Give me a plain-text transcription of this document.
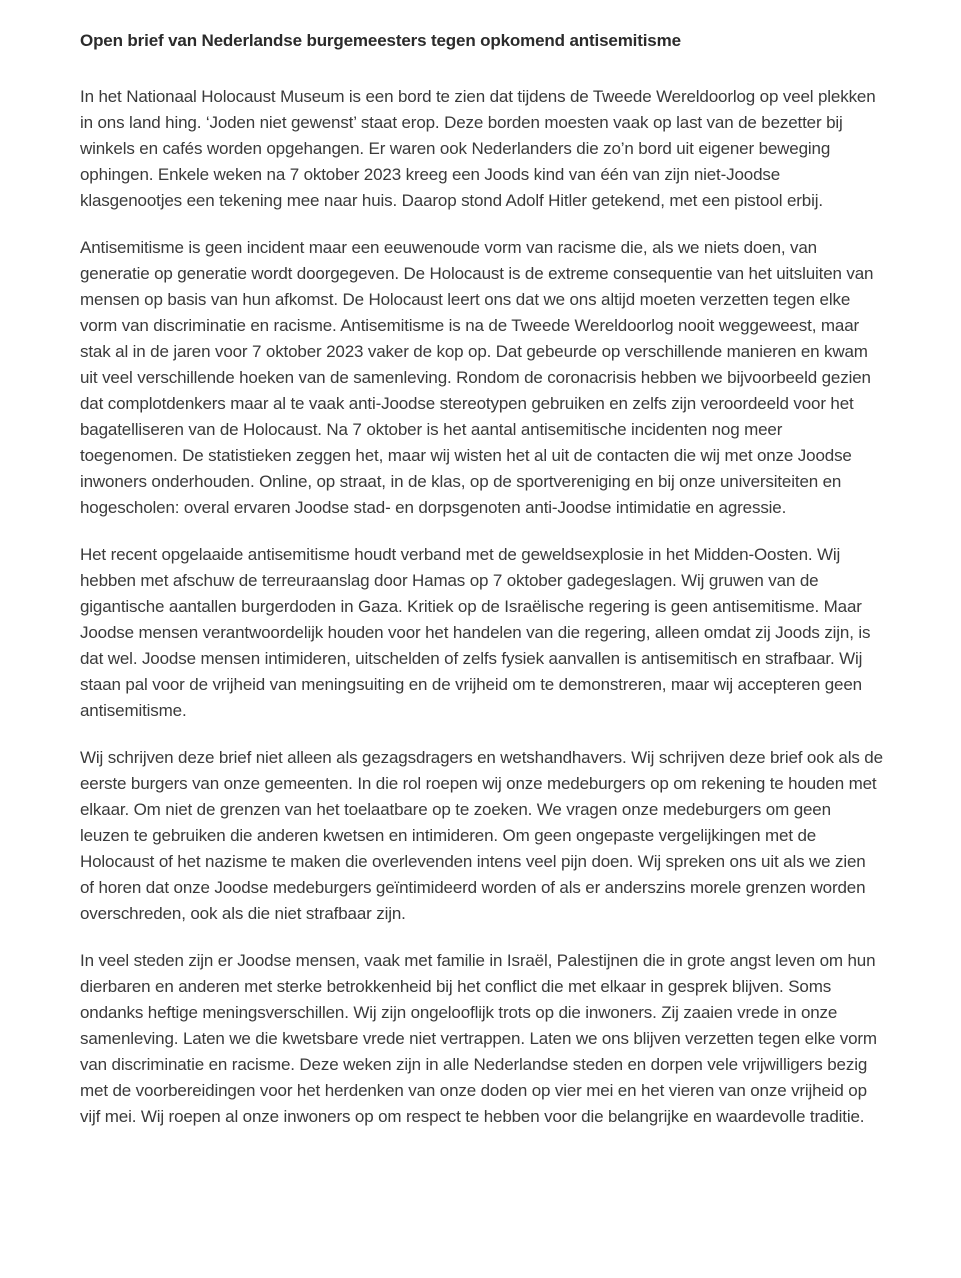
Open brief van Nederlandse burgemeesters tegen opkomend antisemitisme

In het Nationaal Holocaust Museum is een bord te zien dat tijdens de Tweede Wereldoorlog op veel plekken in ons land hing. ‘Joden niet gewenst’ staat erop. Deze borden moesten vaak op last van de bezetter bij winkels en cafés worden opgehangen. Er waren ook Nederlanders die zo’n bord uit eigener beweging ophingen. Enkele weken na 7 oktober 2023 kreeg een Joods kind van één van zijn niet-Joodse klasgenootjes een tekening mee naar huis. Daarop stond Adolf Hitler getekend, met een pistool erbij.

Antisemitisme is geen incident maar een eeuwenoude vorm van racisme die, als we niets doen, van generatie op generatie wordt doorgegeven. De Holocaust is de extreme consequentie van het uitsluiten van mensen op basis van hun afkomst. De Holocaust leert ons dat we ons altijd moeten verzetten tegen elke vorm van discriminatie en racisme. Antisemitisme is na de Tweede Wereldoorlog nooit weggeweest, maar stak al in de jaren voor 7 oktober 2023 vaker de kop op. Dat gebeurde op verschillende manieren en kwam uit veel verschillende hoeken van de samenleving. Rondom de coronacrisis hebben we bijvoorbeeld gezien dat complotdenkers maar al te vaak anti-Joodse stereotypen gebruiken en zelfs zijn veroordeeld voor het bagatelliseren van de Holocaust. Na 7 oktober is het aantal antisemitische incidenten nog meer toegenomen. De statistieken zeggen het, maar wij wisten het al uit de contacten die wij met onze Joodse inwoners onderhouden. Online, op straat, in de klas, op de sportvereniging en bij onze universiteiten en hogescholen: overal ervaren Joodse stad- en dorpsgenoten anti-Joodse intimidatie en agressie.

Het recent opgelaaide antisemitisme houdt verband met de geweldsexplosie in het Midden-Oosten. Wij hebben met afschuw de terreuraanslag door Hamas op 7 oktober gadegeslagen. Wij gruwen van de gigantische aantallen burgerdoden in Gaza. Kritiek op de Israëlische regering is geen antisemitisme. Maar Joodse mensen verantwoordelijk houden voor het handelen van die regering, alleen omdat zij Joods zijn, is dat wel. Joodse mensen intimideren, uitschelden of zelfs fysiek aanvallen is antisemitisch en strafbaar. Wij staan pal voor de vrijheid van meningsuiting en de vrijheid om te demonstreren, maar wij accepteren geen antisemitisme.

Wij schrijven deze brief niet alleen als gezagsdragers en wetshandhavers. Wij schrijven deze brief ook als de eerste burgers van onze gemeenten. In die rol roepen wij onze medeburgers op om rekening te houden met elkaar. Om niet de grenzen van het toelaatbare op te zoeken. We vragen onze medeburgers om geen leuzen te gebruiken die anderen kwetsen en intimideren. Om geen ongepaste vergelijkingen met de Holocaust of het nazisme te maken die overlevenden intens veel pijn doen. Wij spreken ons uit als we zien of horen dat onze Joodse medeburgers geïntimideerd worden of als er anderszins morele grenzen worden overschreden, ook als die niet strafbaar zijn.

In veel steden zijn er Joodse mensen, vaak met familie in Israël, Palestijnen die in grote angst leven om hun dierbaren en anderen met sterke betrokkenheid bij het conflict die met elkaar in gesprek blijven. Soms ondanks heftige meningsverschillen. Wij zijn ongelooflijk trots op die inwoners. Zij zaaien vrede in onze samenleving. Laten we die kwetsbare vrede niet vertrappen. Laten we ons blijven verzetten tegen elke vorm van discriminatie en racisme. Deze weken zijn in alle Nederlandse steden en dorpen vele vrijwilligers bezig met de voorbereidingen voor het herdenken van onze doden op vier mei en het vieren van onze vrijheid op vijf mei. Wij roepen al onze inwoners op om respect te hebben voor die belangrijke en waardevolle traditie.
